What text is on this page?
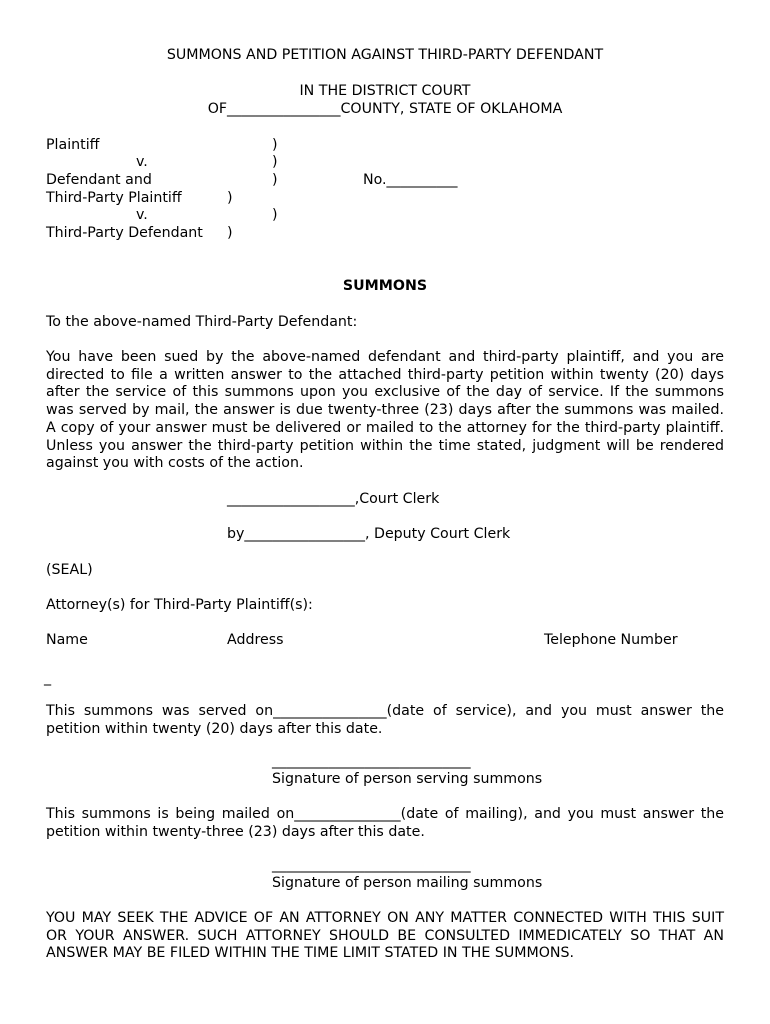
SUMMONS AND PETITION AGAINST THIRD-PARTY DEFENDANT
IN THE DISTRICT COURT
OF________________COUNTY, STATE OF OKLAHOMA
Plaintiff	)
v.	)
Defendant and	)	No.__________
Third-Party Plaintiff	)
v.	)
Third-Party Defendant )
SUMMONS
To the above-named Third-Party Defendant:
You have been sued by the above-named defendant and third-party plaintiff, and you are directed to file a written answer to the attached third-party petition within twenty (20) days after the service of this summons upon you exclusive of the day of service. If the summons was served by mail, the answer is due twenty-three (23) days after the summons was mailed. A copy of your answer must be delivered or mailed to the attorney for the third-party plaintiff. Unless you answer the third-party petition within the time stated, judgment will be rendered against you with costs of the action.
__________________,Court Clerk
by_________________, Deputy Court Clerk
(SEAL)
Attorney(s) for Third-Party Plaintiff(s):
Name	Address	Telephone Number
_
This summons was served on________________(date of service), and you must answer the petition within twenty (20) days after this date.
____________________________
Signature of person serving summons
This summons is being mailed on_______________(date of mailing), and you must answer the petition within twenty-three (23) days after this date.
____________________________
Signature of person mailing summons
YOU MAY SEEK THE ADVICE OF AN ATTORNEY ON ANY MATTER CONNECTED WITH THIS SUIT OR YOUR ANSWER. SUCH ATTORNEY SHOULD BE CONSULTED IMMEDICATELY SO THAT AN ANSWER MAY BE FILED WITHIN THE TIME LIMIT STATED IN THE SUMMONS.
